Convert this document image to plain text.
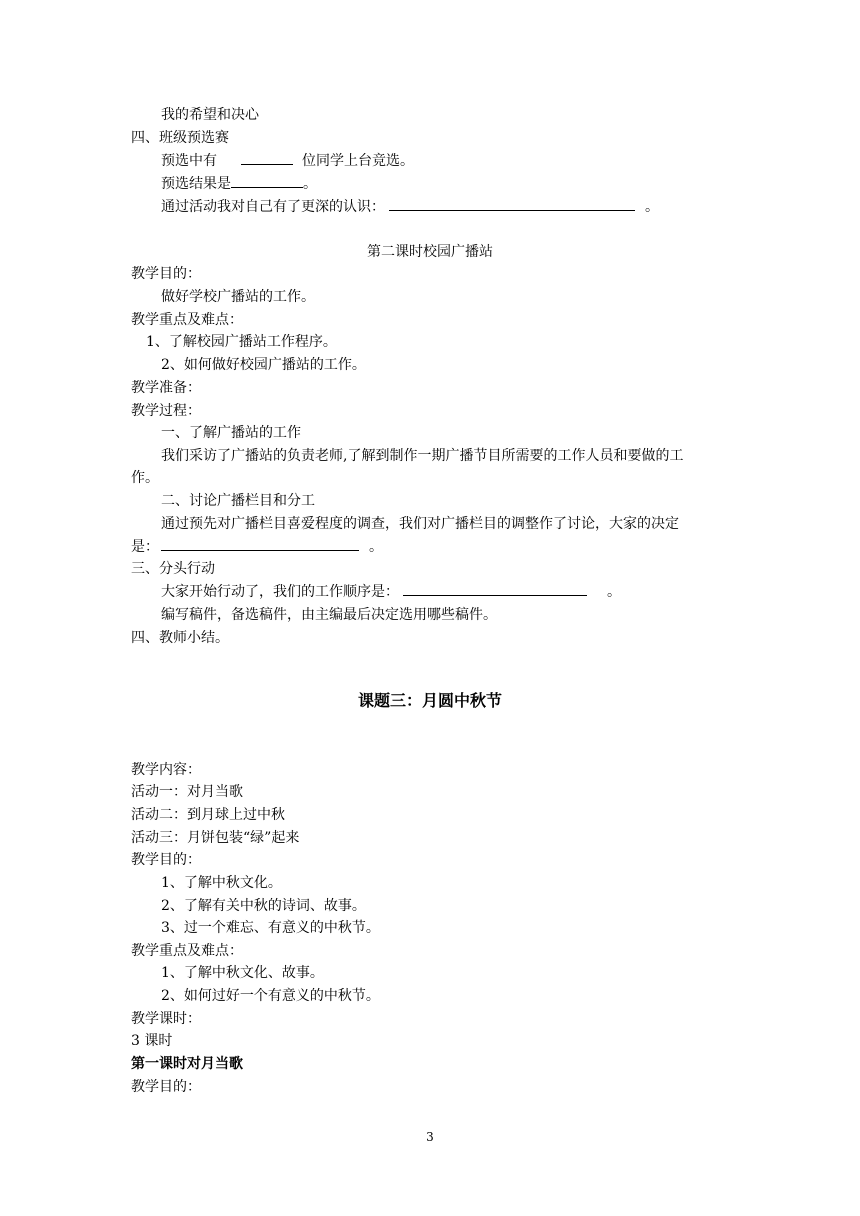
我的希望和决心
四、班级预选赛
预选中有	位同学上台竞选。
预选结果是	。
通过活动我对自己有了更深的认识：	。
第二课时校园广播站
教学目的：
做好学校广播站的工作。
教学重点及难点：
1、了解校园广播站工作程序。
2、如何做好校园广播站的工作。
教学准备：
教学过程：
一、了解广播站的工作
我们采访了广播站的负责老师,了解到制作一期广播节目所需要的工作人员和要做的工
作。
二、讨论广播栏目和分工
通过预先对广播栏目喜爱程度的调查，我们对广播栏目的调整作了讨论，大家的决定
是：	。
三、分头行动
大家开始行动了，我们的工作顺序是：	。
编写稿件，备选稿件，由主编最后决定选用哪些稿件。
四、教师小结。
课题三：月圆中秋节
教学内容：
活动一：对月当歌
活动二：到月球上过中秋
活动三：月饼包装“绿”起来
教学目的：
1、了解中秋文化。
2、了解有关中秋的诗词、故事。
3、过一个难忘、有意义的中秋节。
教学重点及难点：
1、了解中秋文化、故事。
2、如何过好一个有意义的中秋节。
教学课时：
3 课时
第一课时对月当歌
教学目的：
3
